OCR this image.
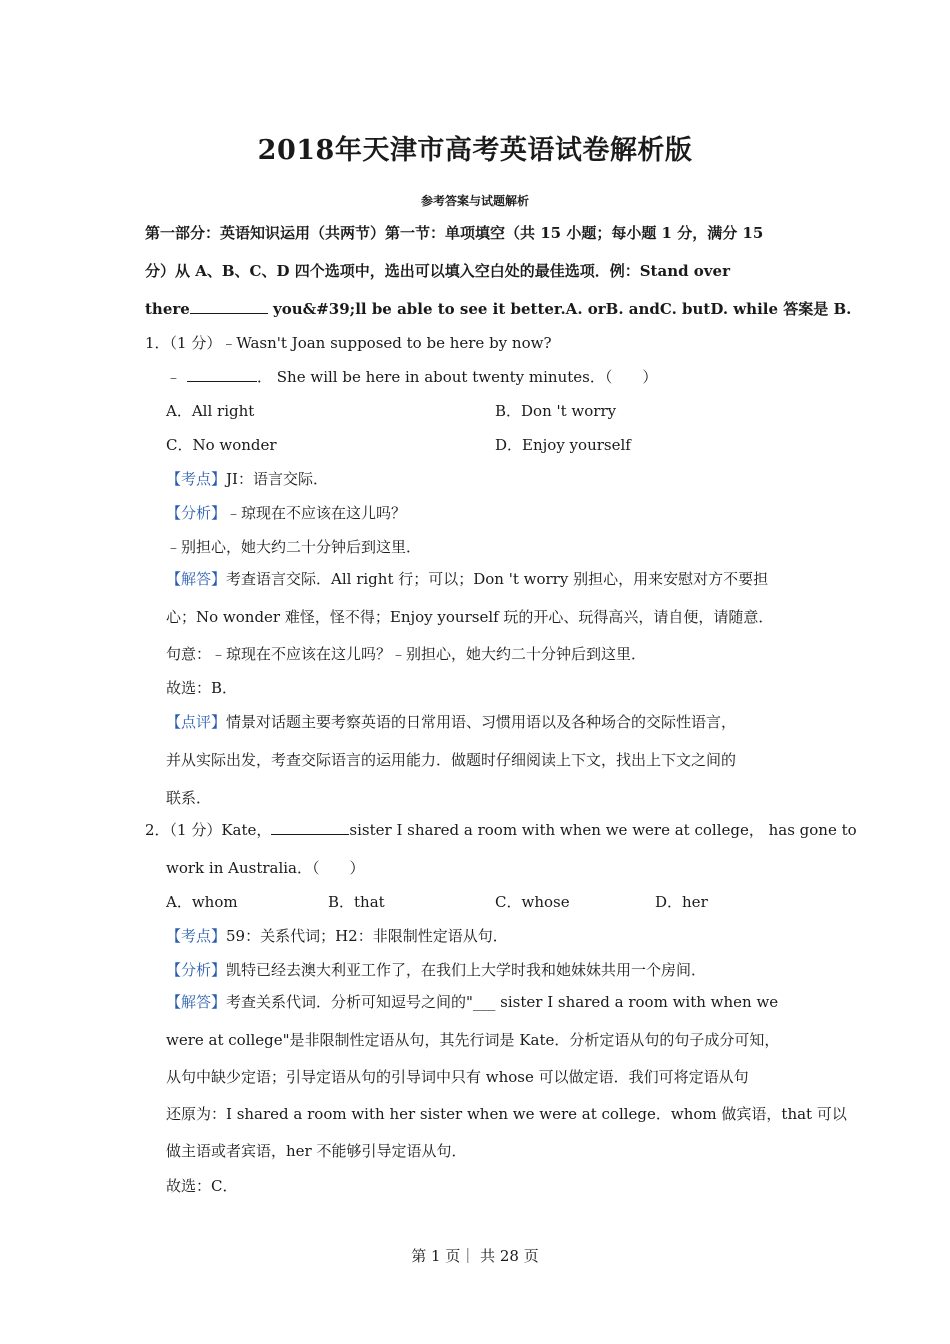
2018年天津市高考英语试卷解析版
参考答案与试题解析
第一部分：英语知识运用（共两节）第一节：单项填空（共 15 小题；每小题 1 分，满分 15
分）从 A、B、C、D 四个选项中，选出可以填入空白处的最佳选项．例：Stand over
there	you&#39;ll be able to see it better.A. orB. andC. butD. while 答案是 B.
1．（1 分）﹣Wasn't Joan supposed to be here by now?
﹣	． She will be here in about twenty minutes．（　　）
A．All right	B．Don 't worry
C．No wonder	D．Enjoy yourself
【考点】JI：语言交际．
【分析】﹣琼现在不应该在这儿吗？
﹣别担心，她大约二十分钟后到这里．
【解答】考查语言交际．All right 行；可以；Don 't worry 别担心，用来安慰对方不要担
心；No wonder 难怪，怪不得；Enjoy yourself 玩的开心、玩得高兴，请自便，请随意．
句意：﹣琼现在不应该在这儿吗？﹣别担心，她大约二十分钟后到这里．
故选：B．
【点评】情景对话题主要考察英语的日常用语、习惯用语以及各种场合的交际性语言，
并从实际出发，考查交际语言的运用能力．做题时仔细阅读上下文，找出上下文之间的
联系．
2．（1 分）Kate，	sister I shared a room with when we were at college， has gone to
work in Australia．（　　）
A．whom	B．that	C．whose	D．her
【考点】59：关系代词；H2：非限制性定语从句．
【分析】凯特已经去澳大利亚工作了，在我们上大学时我和她妹妹共用一个房间．
【解答】考查关系代词．分析可知逗号之间的"___ sister I shared a room with when we
were at college"是非限制性定语从句，其先行词是 Kate．分析定语从句的句子成分可知，
从句中缺少定语；引导定语从句的引导词中只有 whose 可以做定语．我们可将定语从句
还原为：I shared a room with her sister when we were at college．whom 做宾语，that 可以
做主语或者宾语，her 不能够引导定语从句．
故选：C．
第 1 页｜ 共 28 页
